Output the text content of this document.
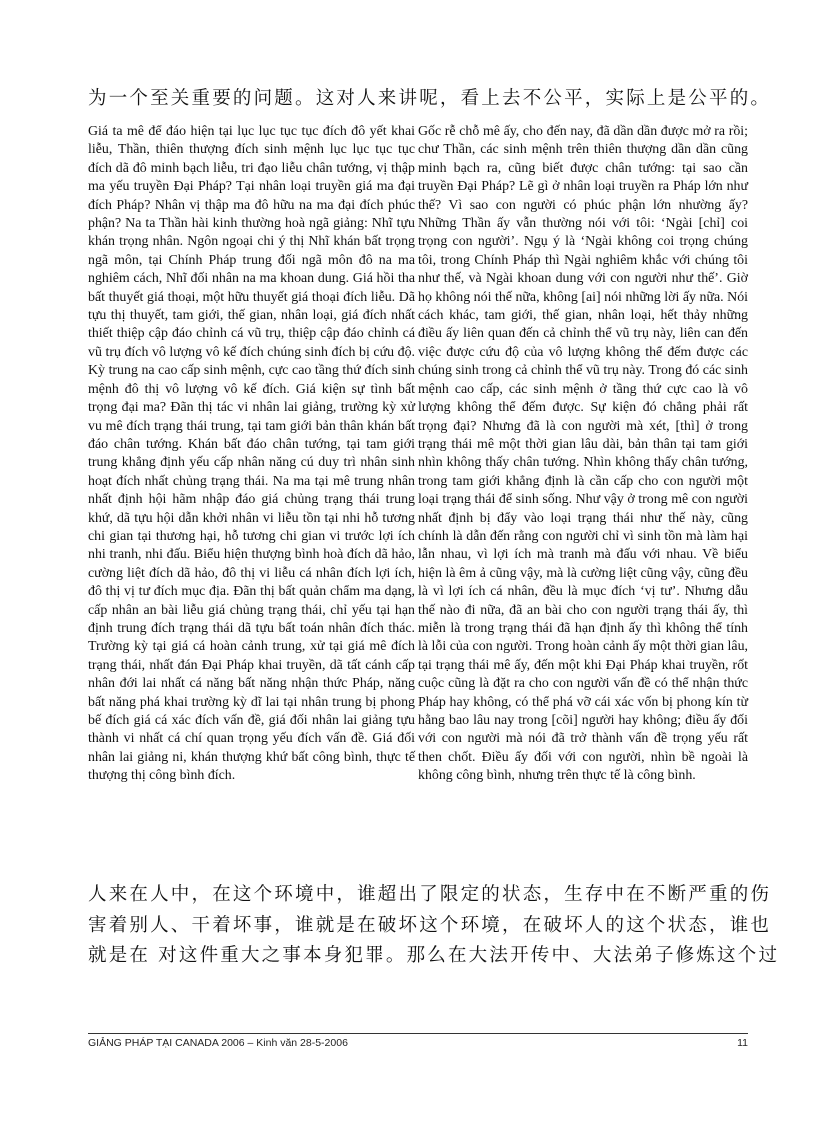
为一个至关重要的问题。这对人来讲呢，看上去不公平，实际上是公平的。

Giá ta mê để đáo hiện tại lục lục tục tục đích đô yết khai liễu, Thần, thiên thượng đích sinh mệnh lục lục tục tục đích dã đô minh bạch liễu, tri đạo liễu chân tướng, vị thập ma yếu truyền Đại Pháp? Tại nhân loại truyền giá ma đại đích Pháp? Nhân vị thập ma đô hữu na ma đại đích phúc phận? Na ta Thần hài kinh thường hoà ngã giảng: Nhĩ tựu khán trọng nhân. Ngôn ngoại chi ý thị Nhĩ khán bất trọng ngã môn, tại Chính Pháp trung đối ngã môn đô na ma nghiêm cách, Nhĩ đối nhân na ma khoan dung. Giá hồi tha bất thuyết giá thoại, một hữu thuyết giá thoại đích liễu. Dã tựu thị thuyết, tam giới, thế gian, nhân loại, giá đích nhất thiết thiệp cập đáo chỉnh cá vũ trụ, thiệp cập đáo chỉnh cá vũ trụ đích vô lượng vô kế đích chúng sinh đích bị cứu độ. Kỳ trung na cao cấp sinh mệnh, cực cao tầng thứ đích sinh mệnh đô thị vô lượng vô kế đích. Giá kiện sự tình bất trọng đại ma? Đãn thị tác vi nhân lai giảng, trường kỳ xử vu mê đích trạng thái trung, tại tam giới bản thân khán bất đáo chân tướng. Khán bất đáo chân tướng, tại tam giới trung khẳng định yếu cấp nhân năng cú duy trì nhân sinh hoạt đích nhất chủng trạng thái. Na ma tại mê trung nhân nhất định hội hãm nhập đáo giá chủng trạng thái trung khứ, dã tựu hội dẫn khởi nhân vi liễu tồn tại nhi hỗ tương chi gian tại thương hại, hỗ tương chi gian vi trước lợi ích nhi tranh, nhi đấu. Biểu hiện thượng bình hoà đích dã hảo, cường liệt đích dã hảo, đô thị vi liễu cá nhân đích lợi ích, đô thị vị tư đích mục địa. Đãn thị bất quản chẩm ma dạng, cấp nhân an bài liễu giá chủng trạng thái, chỉ yếu tại hạn định trung đích trạng thái dã tựu bất toán nhân đích thác. Trường kỳ tại giá cá hoàn cảnh trung, xử tại giá mê đích trạng thái, nhất đán Đại Pháp khai truyền, dã tất cánh cấp nhân đới lai nhất cá năng bất năng nhận thức Pháp, năng bất năng phá khai trường kỳ dĩ lai tại nhân trung bị phong bế đích giá cá xác đích vấn đề, giá đối nhân lai giảng tựu thành vi nhất cá chí quan trọng yếu đích vấn đề. Giá đối nhân lai giảng ni, khán thượng khứ bất công bình, thực tế thượng thị công bình đích.

Gốc rễ chỗ mê ấy, cho đến nay, đã dần dần được mở ra rồi; chư Thần, các sinh mệnh trên thiên thượng dần dần cũng minh bạch ra, cũng biết được chân tướng: tại sao cần truyền Đại Pháp? Lẽ gì ở nhân loại truyền ra Pháp lớn như thế? Vì sao con người có phúc phận lớn nhường ấy? Những Thần ấy vẫn thường nói với tôi: ‘Ngài [chỉ] coi trọng con người’. Ngụ ý là ‘Ngài không coi trọng chúng tôi, trong Chính Pháp thì Ngài nghiêm khắc với chúng tôi như thế, và Ngài khoan dung với con người như thế’. Giờ họ không nói thế nữa, không [ai] nói những lời ấy nữa. Nói cách khác, tam giới, thế gian, nhân loại, hết thảy những điều ấy liên quan đến cả chỉnh thể vũ trụ này, liên can đến việc được cứu độ của vô lượng không thể đếm được các chúng sinh trong cả chỉnh thể vũ trụ này. Trong đó các sinh mệnh cao cấp, các sinh mệnh ở tầng thứ cực cao là vô lượng không thể đếm được. Sự kiện đó chẳng phải rất trọng đại? Nhưng đã là con người mà xét, [thì] ở trong trạng thái mê một thời gian lâu dài, bản thân tại tam giới nhìn không thấy chân tướng. Nhìn không thấy chân tướng, trong tam giới khẳng định là cần cấp cho con người một loại trạng thái để sinh sống. Như vậy ở trong mê con người nhất định bị đẩy vào loại trạng thái như thế này, cũng chính là dẫn đến rằng con người chỉ vì sinh tồn mà làm hại lẫn nhau, vì lợi ích mà tranh mà đấu với nhau. Về biểu hiện là êm ả cũng vậy, mà là cường liệt cũng vậy, cũng đều là vì lợi ích cá nhân, đều là mục đích ‘vị tư’. Nhưng dẫu thế nào đi nữa, đã an bài cho con người trạng thái ấy, thì miễn là trong trạng thái đã hạn định ấy thì không thể tính là lỗi của con người. Trong hoàn cảnh ấy một thời gian lâu, tại trạng thái mê ấy, đến một khi Đại Pháp khai truyền, rốt cuộc cũng là đặt ra cho con người vấn đề có thể nhận thức Pháp hay không, có thể phá vỡ cái xác vốn bị phong kín từ hằng bao lâu nay trong [cõi] người hay không; điều ấy đối với con người mà nói đã trở thành vấn đề trọng yếu rất then chốt. Điều ấy đối với con người, nhìn bề ngoài là không công bình, nhưng trên thực tế là công bình.

人来在人中，在这个环境中，谁超出了限定的状态，生存中在不断严重的伤

害着别人、干着坏事，谁就是在破坏这个环境，在破坏人的这个状态，谁也

就是在 对这件重大之事本身犯罪。那么在大法开传中、大法弟子修炼这个过

GIẢNG PHÁP TẠI CANADA 2006 – Kinh văn 28-5-2006	11
